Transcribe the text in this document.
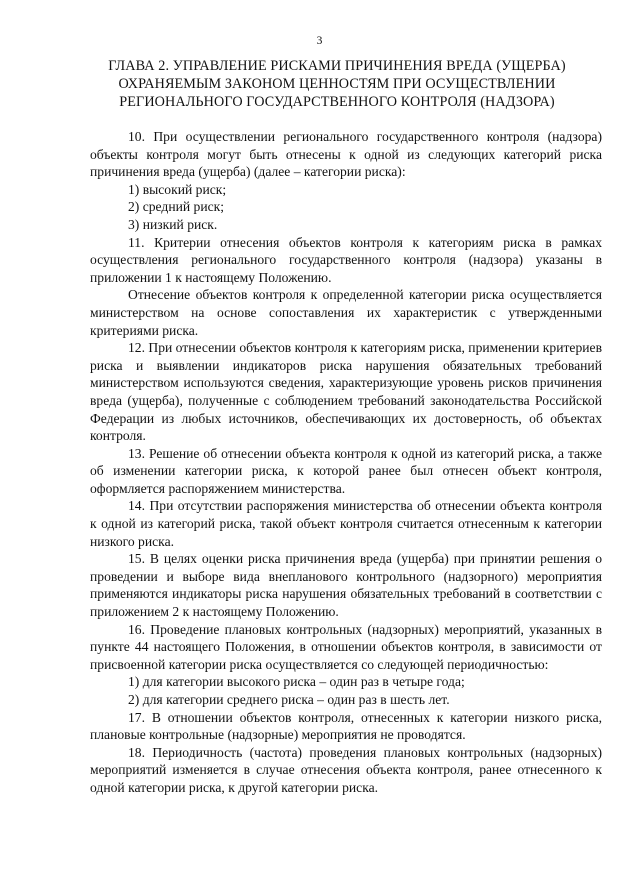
3
ГЛАВА 2. УПРАВЛЕНИЕ РИСКАМИ ПРИЧИНЕНИЯ ВРЕДА (УЩЕРБА)
ОХРАНЯЕМЫМ ЗАКОНОМ ЦЕННОСТЯМ ПРИ ОСУЩЕСТВЛЕНИИ
РЕГИОНАЛЬНОГО ГОСУДАРСТВЕННОГО КОНТРОЛЯ (НАДЗОРА)

10. При осуществлении регионального государственного контроля (надзора) объекты контроля могут быть отнесены к одной из следующих категорий риска причинения вреда (ущерба) (далее – категории риска):

1) высокий риск;

2) средний риск;

3) низкий риск.

11. Критерии отнесения объектов контроля к категориям риска в рамках осуществления регионального государственного контроля (надзора) указаны в приложении 1 к настоящему Положению.

Отнесение объектов контроля к определенной категории риска осуществляется министерством на основе сопоставления их характеристик с утвержденными критериями риска.

12. При отнесении объектов контроля к категориям риска, применении критериев риска и выявлении индикаторов риска нарушения обязательных требований министерством используются сведения, характеризующие уровень рисков причинения вреда (ущерба), полученные с соблюдением требований законодательства Российской Федерации из любых источников, обеспечивающих их достоверность, об объектах контроля.

13. Решение об отнесении объекта контроля к одной из категорий риска, а также об изменении категории риска, к которой ранее был отнесен объект контроля, оформляется распоряжением министерства.

14. При отсутствии распоряжения министерства об отнесении объекта контроля к одной из категорий риска, такой объект контроля считается отнесенным к категории низкого риска.

15. В целях оценки риска причинения вреда (ущерба) при принятии решения о проведении и выборе вида внепланового контрольного (надзорного) мероприятия применяются индикаторы риска нарушения обязательных требований в соответствии с приложением 2 к настоящему Положению.

16. Проведение плановых контрольных (надзорных) мероприятий, указанных в пункте 44 настоящего Положения, в отношении объектов контроля, в зависимости от присвоенной категории риска осуществляется со следующей периодичностью:

1) для категории высокого риска – один раз в четыре года;

2) для категории среднего риска – один раз в шесть лет.

17. В отношении объектов контроля, отнесенных к категории низкого риска, плановые контрольные (надзорные) мероприятия не проводятся.

18. Периодичность (частота) проведения плановых контрольных (надзорных) мероприятий изменяется в случае отнесения объекта контроля, ранее отнесенного к одной категории риска, к другой категории риска.
